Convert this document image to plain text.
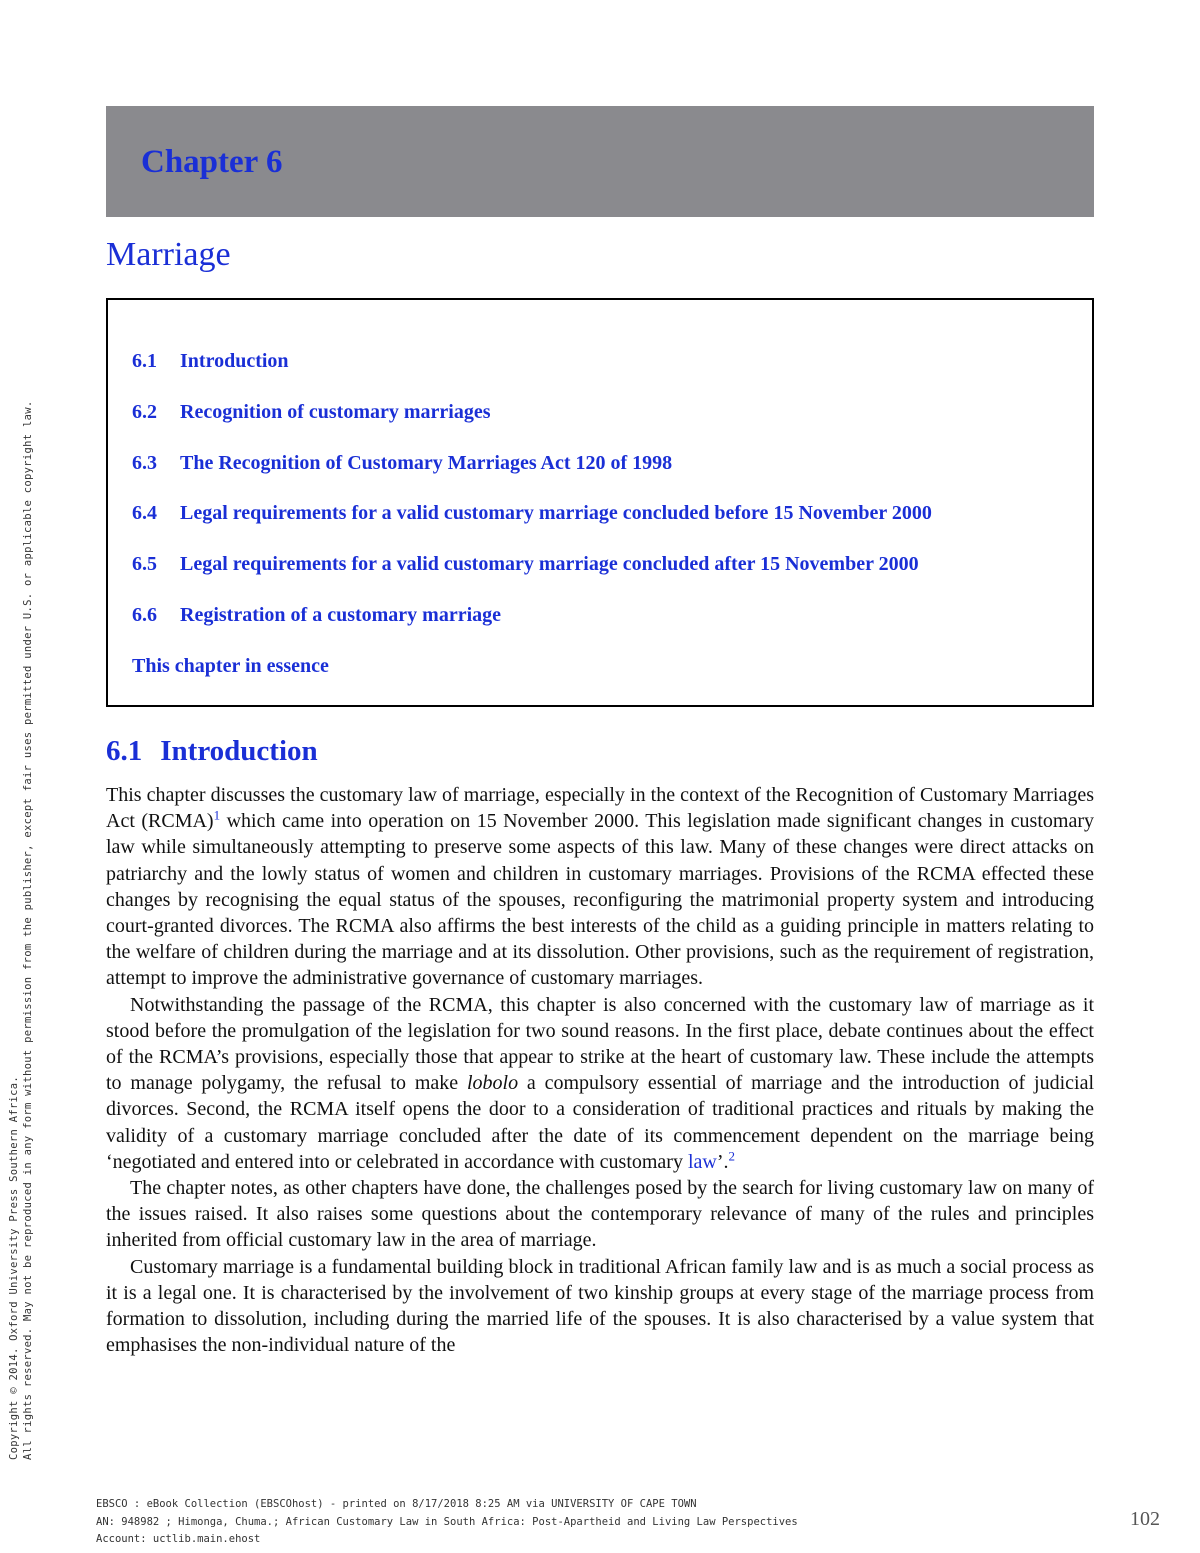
Chapter 6
Marriage
6.1 Introduction
6.2 Recognition of customary marriages
6.3 The Recognition of Customary Marriages Act 120 of 1998
6.4 Legal requirements for a valid customary marriage concluded before 15 November 2000
6.5 Legal requirements for a valid customary marriage concluded after 15 November 2000
6.6 Registration of a customary marriage
This chapter in essence
6.1 Introduction

This chapter discusses the customary law of marriage, especially in the context of the Recognition of Customary Marriages Act (RCMA)$^1$ which came into operation on 15 November 2000. This legislation made significant changes in customary law while simultaneously attempting to preserve some aspects of this law. Many of these changes were direct attacks on patriarchy and the lowly status of women and children in customary marriages. Provisions of the RCMA effected these changes by recognising the equal status of the spouses, reconfiguring the matrimonial property system and introducing court-granted divorces. The RCMA also affirms the best interests of the child as a guiding principle in matters relating to the welfare of children during the marriage and at its dissolution. Other provisions, such as the requirement of registration, attempt to improve the administrative governance of customary marriages.

Notwithstanding the passage of the RCMA, this chapter is also concerned with the customary law of marriage as it stood before the promulgation of the legislation for two sound reasons. In the first place, debate continues about the effect of the RCMA’s provisions, especially those that appear to strike at the heart of customary law. These include the attempts to manage polygamy, the refusal to make lobolo a compulsory essential of marriage and the introduction of judicial divorces. Second, the RCMA itself opens the door to a consideration of traditional practices and rituals by making the validity of a customary marriage concluded after the date of its commencement dependent on the marriage being ‘negotiated and entered into or celebrated in accordance with customary law’.$^2$

The chapter notes, as other chapters have done, the challenges posed by the search for living customary law on many of the issues raised. It also raises some questions about the contemporary relevance of many of the rules and principles inherited from official customary law in the area of marriage.

Customary marriage is a fundamental building block in traditional African family law and is as much a social process as it is a legal one. It is characterised by the involvement of two kinship groups at every stage of the marriage process from formation to dissolution, including during the married life of the spouses. It is also characterised by a value system that emphasises the non-individual nature of the

Copyright © 2014. Oxford University Press Southern Africa. All rights reserved. May not be reproduced in any form without permission from the publisher, except fair uses permitted under U.S. or applicable copyright law.
EBSCO : eBook Collection (EBSCOhost) - printed on 8/17/2018 8:25 AM via UNIVERSITY OF CAPE TOWN
AN: 948982 ; Himonga, Chuma.; African Customary Law in South Africa: Post-Apartheid and Living Law Perspectives
Account: uctlib.main.ehost
102
